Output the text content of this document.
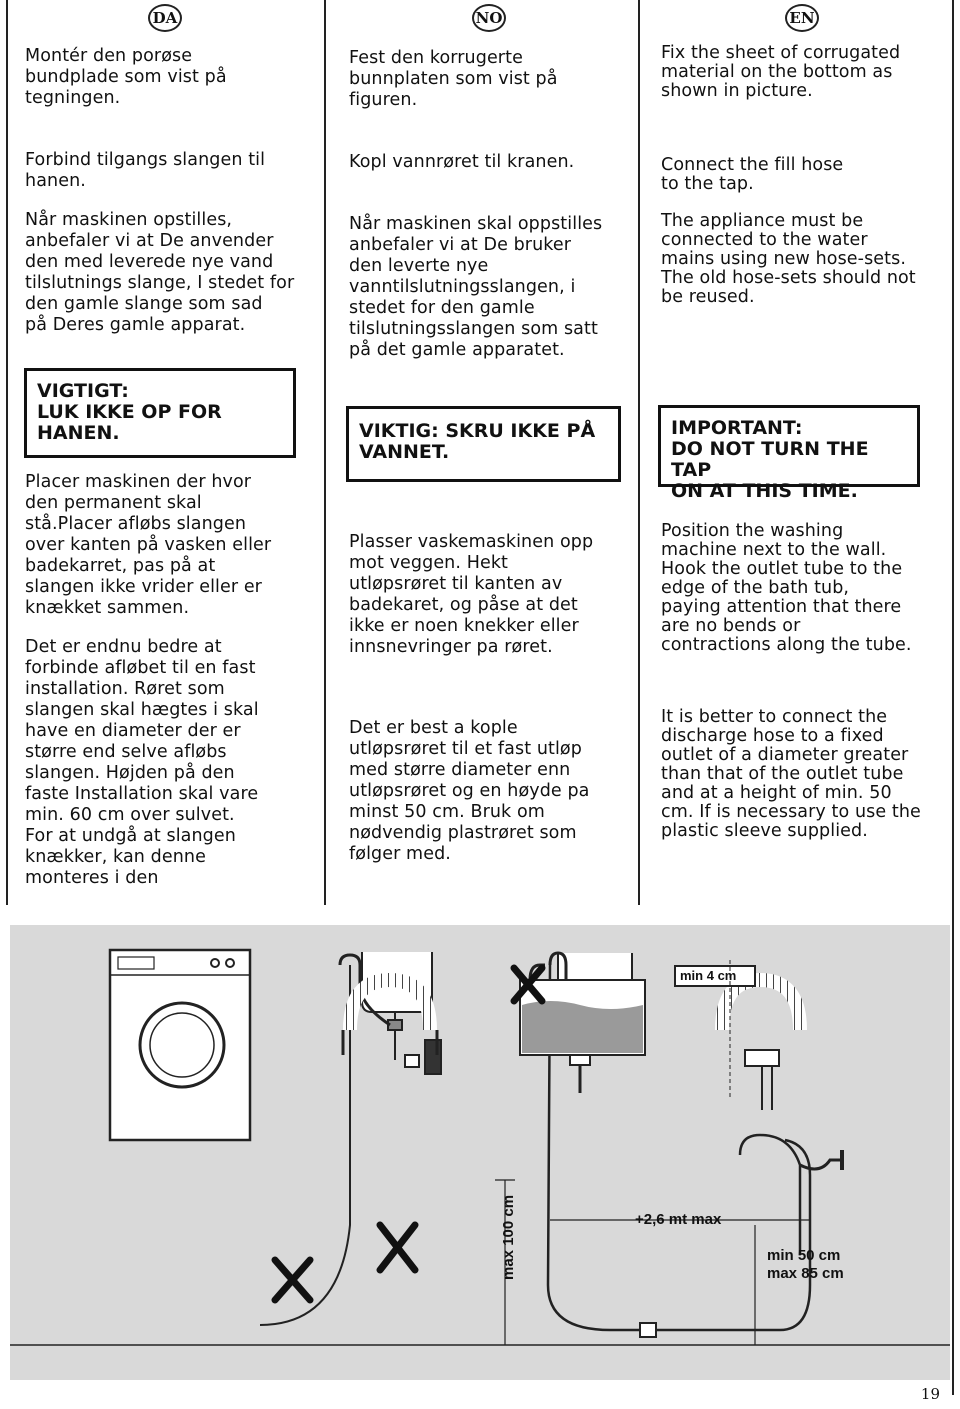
DA	NO	EN
Montér den porøse
bundplade som vist på
tegningen.
Forbind tilgangs slangen til
hanen.
Når maskinen opstilles,
anbefaler vi at De anvender
den med leverede nye vand
tilslutnings slange, I stedet for
den gamle slange som sad
på Deres gamle apparat.
VIGTIGT:
LUK IKKE OP FOR
HANEN.
Placer maskinen der hvor
den permanent skal
stå.Placer afløbs slangen
over kanten på vasken eller
badekarret, pas på at
slangen ikke vrider eller er
knækket sammen.
Det er endnu bedre at
forbinde afløbet til en fast
installation. Røret som
slangen skal hægtes i skal
have en diameter der er
større end selve afløbs
slangen. Højden på den
faste Installation skal vare
min. 60 cm over sulvet.
For at undgå at slangen
knækker, kan denne
monteres i den
Fest den korrugerte
bunnplaten som vist på
figuren.
Kopl vannrøret til kranen.
Når maskinen skal oppstilles
anbefaler vi at De bruker
den leverte nye
vanntilslutningsslangen, i
stedet for den gamle
tilslutningsslangen som satt
på det gamle apparatet.
VIKTIG: SKRU IKKE PÅ
VANNET.
Plasser vaskemaskinen opp
mot veggen. Hekt
utløpsrøret til kanten av
badekaret, og påse at det
ikke er noen knekker eller
innsnevringer pa røret.
Det er best a kople
utløpsrøret til et fast utløp
med større diameter enn
utløpsrøret og en høyde pa
minst 50 cm. Bruk om
nødvendig plastrøret som
følger med.
Fix the sheet of corrugated
material on the bottom as
shown in picture.
Connect the fill hose
to the tap.
The appliance must be
connected to the water
mains using new hose-sets.
The old hose-sets should not
be reused.
IMPORTANT:
DO NOT TURN THE TAP
ON AT THIS TIME.
Position the washing
machine next to the wall.
Hook the outlet tube to the
edge of the bath tub,
paying attention that there
are no bends or
contractions along the tube.
It is better to connect the
discharge hose to a fixed
outlet of a diameter greater
than that of the outlet tube
and at a height of min. 50
cm. If is necessary to use the
plastic sleeve supplied.
min 4 cm
max 100 cm	+2,6 mt max
min 50 cm
max 85 cm
19
